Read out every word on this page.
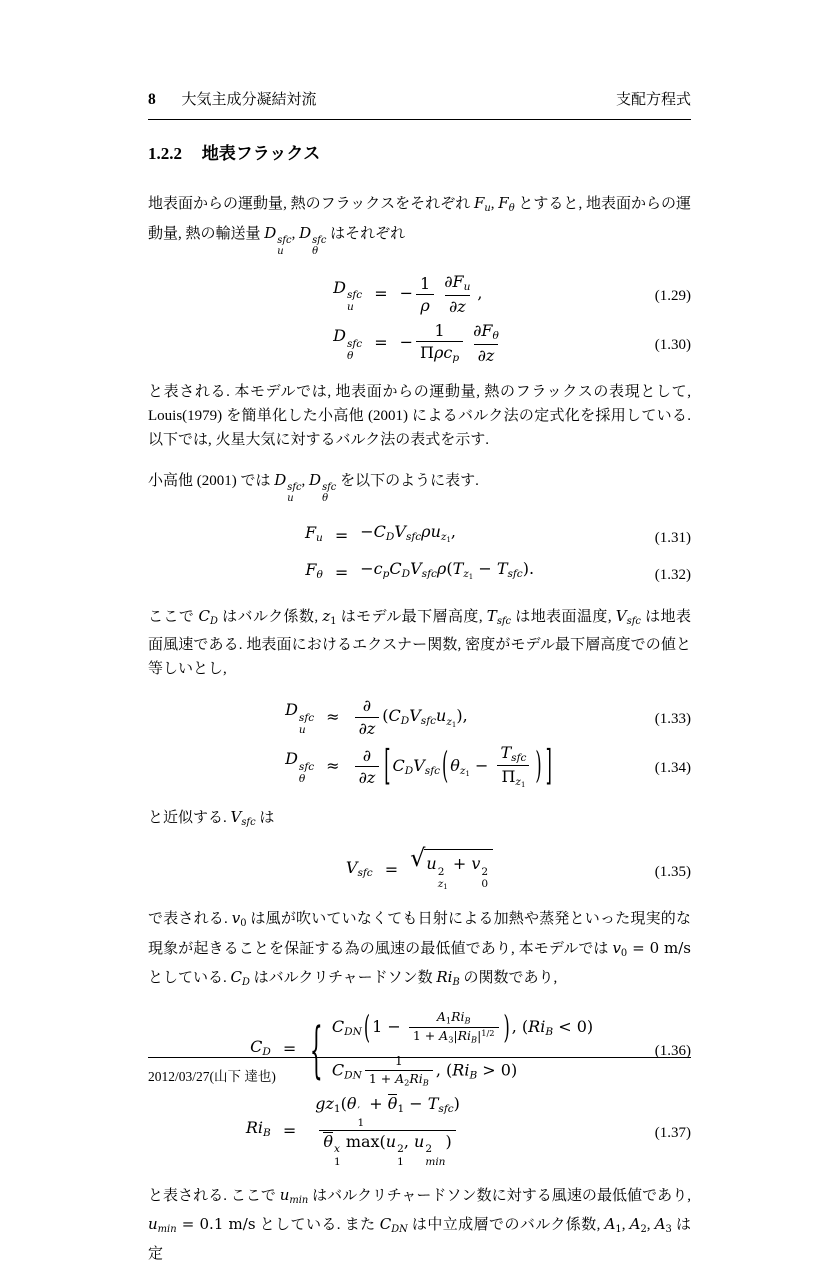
8 大気主成分凝結対流	支配方程式
1.2.2 地表フラックス

地表面からの運動量, 熱のフラックスをそれぞれ Fu, Fθ とすると, 地表面からの運動量, 熱の輸送量 D sfc
u
, D sfc
θ
はそれぞれ

D sfc
u
	=	− $\frac{1}{\rho} \frac{\partial Fu}{\partial z}$ ,
D sfc
θ
	=	− $\frac{1}{\text{Πρcp}} \frac{\partial F\theta}{\partial z}$
(1.29)
(1.30)

と表される. 本モデルでは, 地表面からの運動量, 熱のフラックスの表現として, Louis(1979) を簡単化した小高他 (2001) によるバルク法の定式化を採用している. 以下では, 火星大気に対するバルク法の表式を示す.

小高他 (2001) では D sfc
u
, D sfc
θ
を以下のように表す.

Fu	=	−CDVsfcρuz1,
Fθ	=	−cpCDVsfcρ(Tz1 − Tsfc).
(1.31)
(1.32)

ここで CD はバルク係数, z1 はモデル最下層高度, Tsfc は地表面温度, Vsfc は地表面風速である. 地表面におけるエクスナー関数, 密度がモデル最下層高度での値と等しいとし,

D sfc
u
	≈	$\frac{\partial}{\partial z}$ (CDVsfcuz1),
D sfc
θ
	≈	$\frac{\partial}{\partial z}$ [ CDVsfc ( $\theta z1 - \frac{\text{Tsfc}}{\Pi z1}$ ) ]
(1.33)
(1.34)

と近似する. Vsfc は

Vsfc	=	√ u 2
z1
+ v 2
0
(1.35)

で表される. v0 は風が吹いていなくても日射による加熱や蒸発といった現実的な現象が起きることを保証する為の風速の最低値であり, 本モデルでは v0 = 0 m/s としている. CD はバルクリチャードソン数 RiB の関数であり,

CD	=	{ CDN ( $1 - \frac{\text{A1RiB}}{1 + A3|RiB|^{1/2}}$ ) , (RiB < 0)
CDN $\frac{1}{\text{1 + A2RiB}}$ , (RiB > 0)

RiB	=	gz1(θ ′
1
+ θ1 − Tsfc)
θ x
1
max(u 2
1
, u 2
min
)
(1.36)
(1.37)

と表される. ここで umin はバルクリチャードソン数に対する風速の最低値であり, umin = 0.1 m/s としている. また CDN は中立成層でのバルク係数, A1, A2, A3 は定

2012/03/27(山下 達也)
